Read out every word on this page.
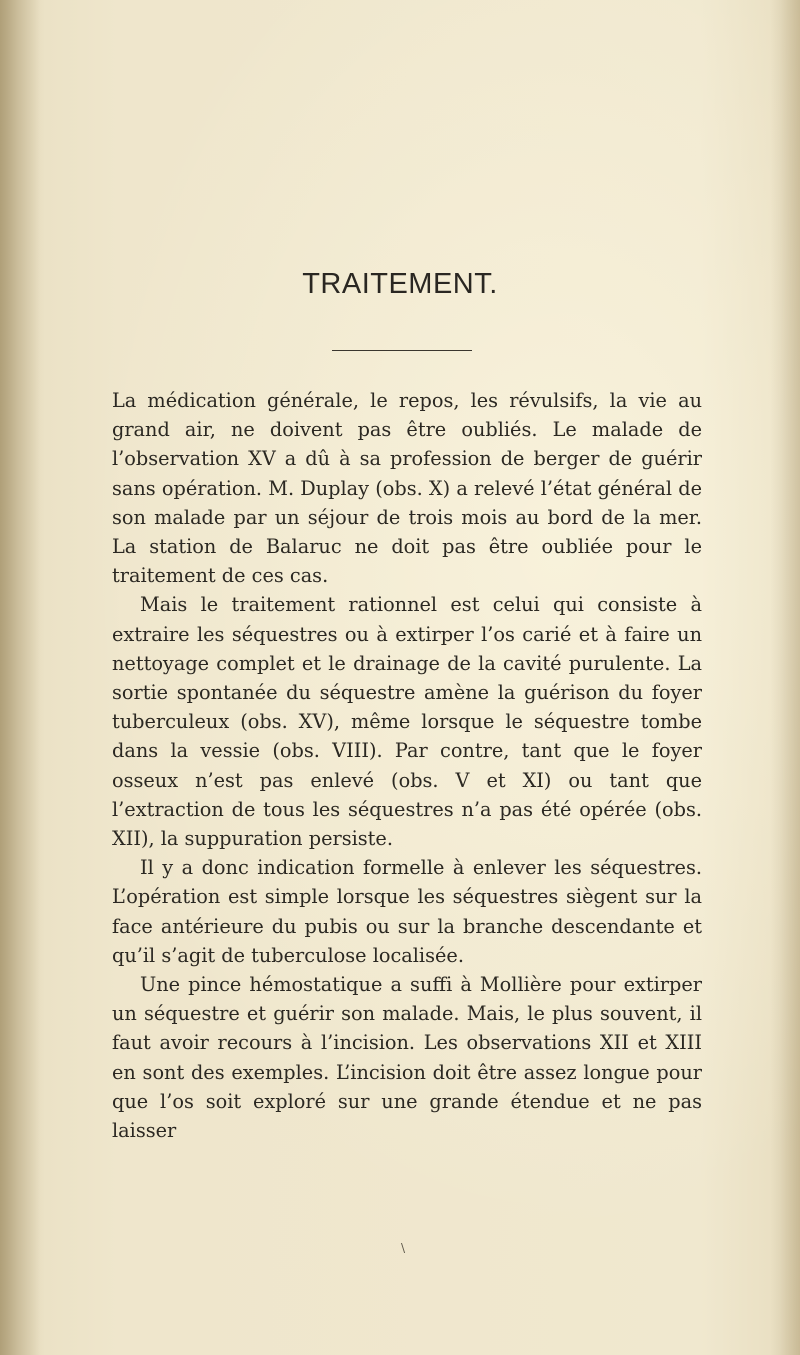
TRAITEMENT.

La médication générale, le repos, les révulsifs, la vie au grand air, ne doivent pas être oubliés. Le malade de l’observation XV a dû à sa profession de berger de guérir sans opération. M. Duplay (obs. X) a relevé l’état général de son malade par un séjour de trois mois au bord de la mer. La station de Balaruc ne doit pas être oubliée pour le traitement de ces cas.

Mais le traitement rationnel est celui qui consiste à extraire les séquestres ou à extirper l’os carié et à faire un nettoyage complet et le drainage de la cavité purulente. La sortie spontanée du séquestre amène la guérison du foyer tuberculeux (obs. XV), même lorsque le séquestre tombe dans la vessie (obs. VIII). Par contre, tant que le foyer osseux n’est pas enlevé (obs. V et XI) ou tant que l’extraction de tous les séquestres n’a pas été opérée (obs. XII), la suppuration persiste.

Il y a donc indication formelle à enlever les séquestres. L’opération est simple lorsque les séquestres siègent sur la face antérieure du pubis ou sur la branche descendante et qu’il s’agit de tuberculose localisée.

Une pince hémostatique a suffi à Mollière pour extirper un séquestre et guérir son malade. Mais, le plus souvent, il faut avoir recours à l’incision. Les observations XII et XIII en sont des exemples. L’incision doit être assez longue pour que l’os soit exploré sur une grande étendue et ne pas laisser

\
